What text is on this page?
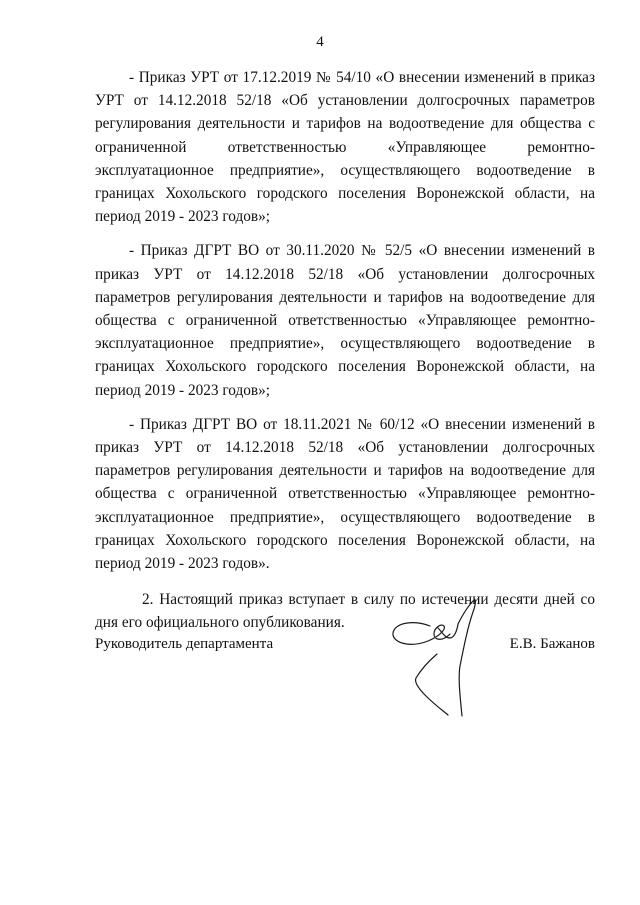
4

- Приказ УРТ от 17.12.2019 № 54/10 «О внесении изменений в приказ УРТ от 14.12.2018 52/18 «Об установлении долгосрочных параметров регулирования деятельности и тарифов на водоотведение для общества с ограниченной ответственностью «Управляющее ремонтно-эксплуатационное предприятие», осуществляющего водоотведение в границах Хохольского городского поселения Воронежской области, на период 2019 - 2023 годов»;

- Приказ ДГРТ ВО от 30.11.2020 № 52/5 «О внесении изменений в приказ УРТ от 14.12.2018 52/18 «Об установлении долгосрочных параметров регулирования деятельности и тарифов на водоотведение для общества с ограниченной ответственностью «Управляющее ремонтно-эксплуатационное предприятие», осуществляющего водоотведение в границах Хохольского городского поселения Воронежской области, на период 2019 - 2023 годов»;

- Приказ ДГРТ ВО от 18.11.2021 № 60/12 «О внесении изменений в приказ УРТ от 14.12.2018 52/18 «Об установлении долгосрочных параметров регулирования деятельности и тарифов на водоотведение для общества с ограниченной ответственностью «Управляющее ремонтно-эксплуатационное предприятие», осуществляющего водоотведение в границах Хохольского городского поселения Воронежской области, на период 2019 - 2023 годов».

2. Настоящий приказ вступает в силу по истечении десяти дней со дня его официального опубликования.

Руководитель департамента	Е.В. Бажанов
